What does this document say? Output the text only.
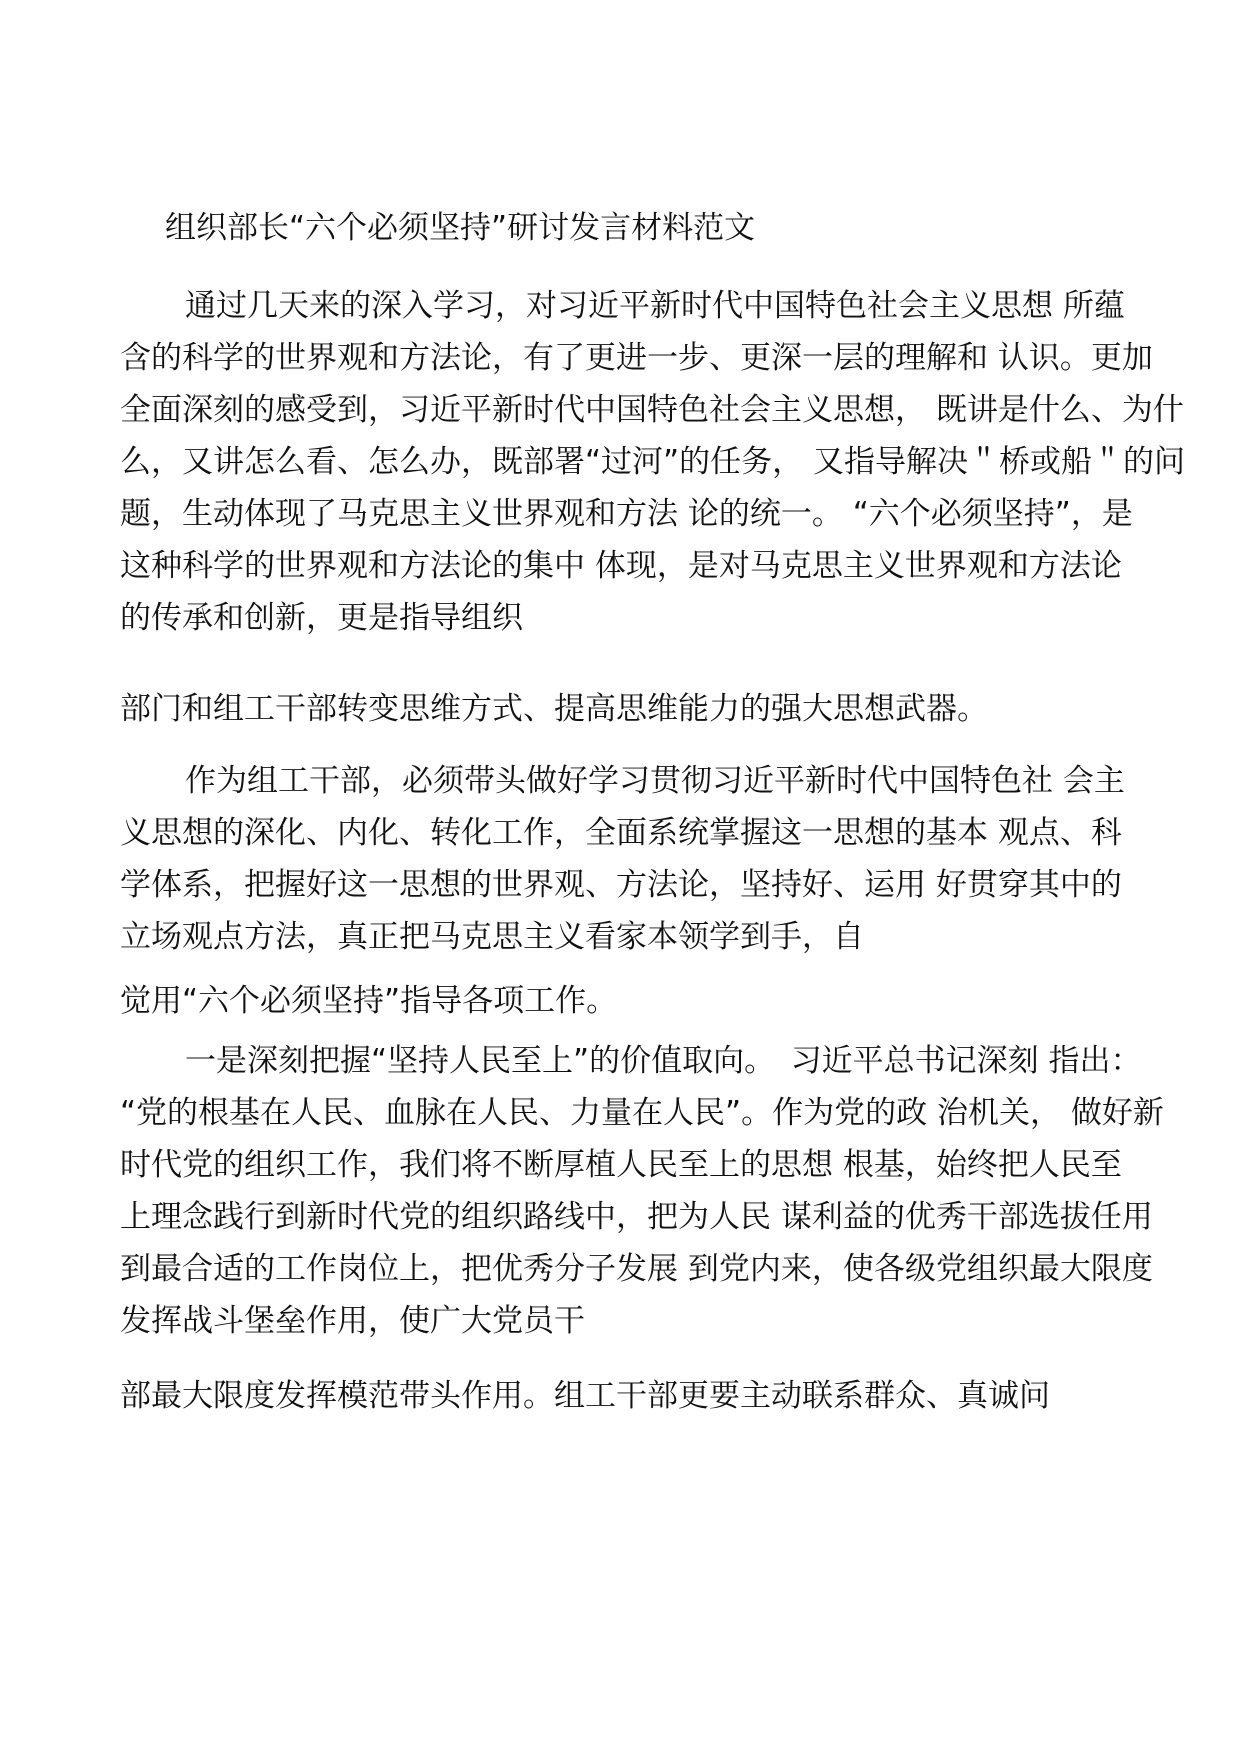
组织部长“六个必须坚持”研讨发言材料范文
通过几天来的深入学习，对习近平新时代中国特色社会主义思想 所蕴
含的科学的世界观和方法论，有了更进一步、更深一层的理解和 认识。更加
全面深刻的感受到，习近平新时代中国特色社会主义思想， 既讲是什么、为什
么，又讲怎么看、怎么办，既部署“过河”的任务， 又指导解决＂桥或船＂的问
题，生动体现了马克思主义世界观和方法 论的统一。 “六个必须坚持”，是
这种科学的世界观和方法论的集中 体现，是对马克思主义世界观和方法论
的传承和创新，更是指导组织
部门和组工干部转变思维方式、提高思维能力的强大思想武器。
作为组工干部，必须带头做好学习贯彻习近平新时代中国特色社 会主
义思想的深化、内化、转化工作，全面系统掌握这一思想的基本 观点、科
学体系，把握好这一思想的世界观、方法论，坚持好、运用 好贯穿其中的
立场观点方法，真正把马克思主义看家本领学到手，自
觉用“六个必须坚持”指导各项工作。
一是深刻把握“坚持人民至上”的价值取向。　习近平总书记深刻 指出：
“党的根基在人民、血脉在人民、力量在人民”。作为党的政 治机关， 做好新
时代党的组织工作，我们将不断厚植人民至上的思想 根基，始终把人民至
上理念践行到新时代党的组织路线中，把为人民 谋利益的优秀干部选拔任用
到最合适的工作岗位上，把优秀分子发展 到党内来，使各级党组织最大限度
发挥战斗堡垒作用，使广大党员干
部最大限度发挥模范带头作用。组工干部更要主动联系群众、真诚问
